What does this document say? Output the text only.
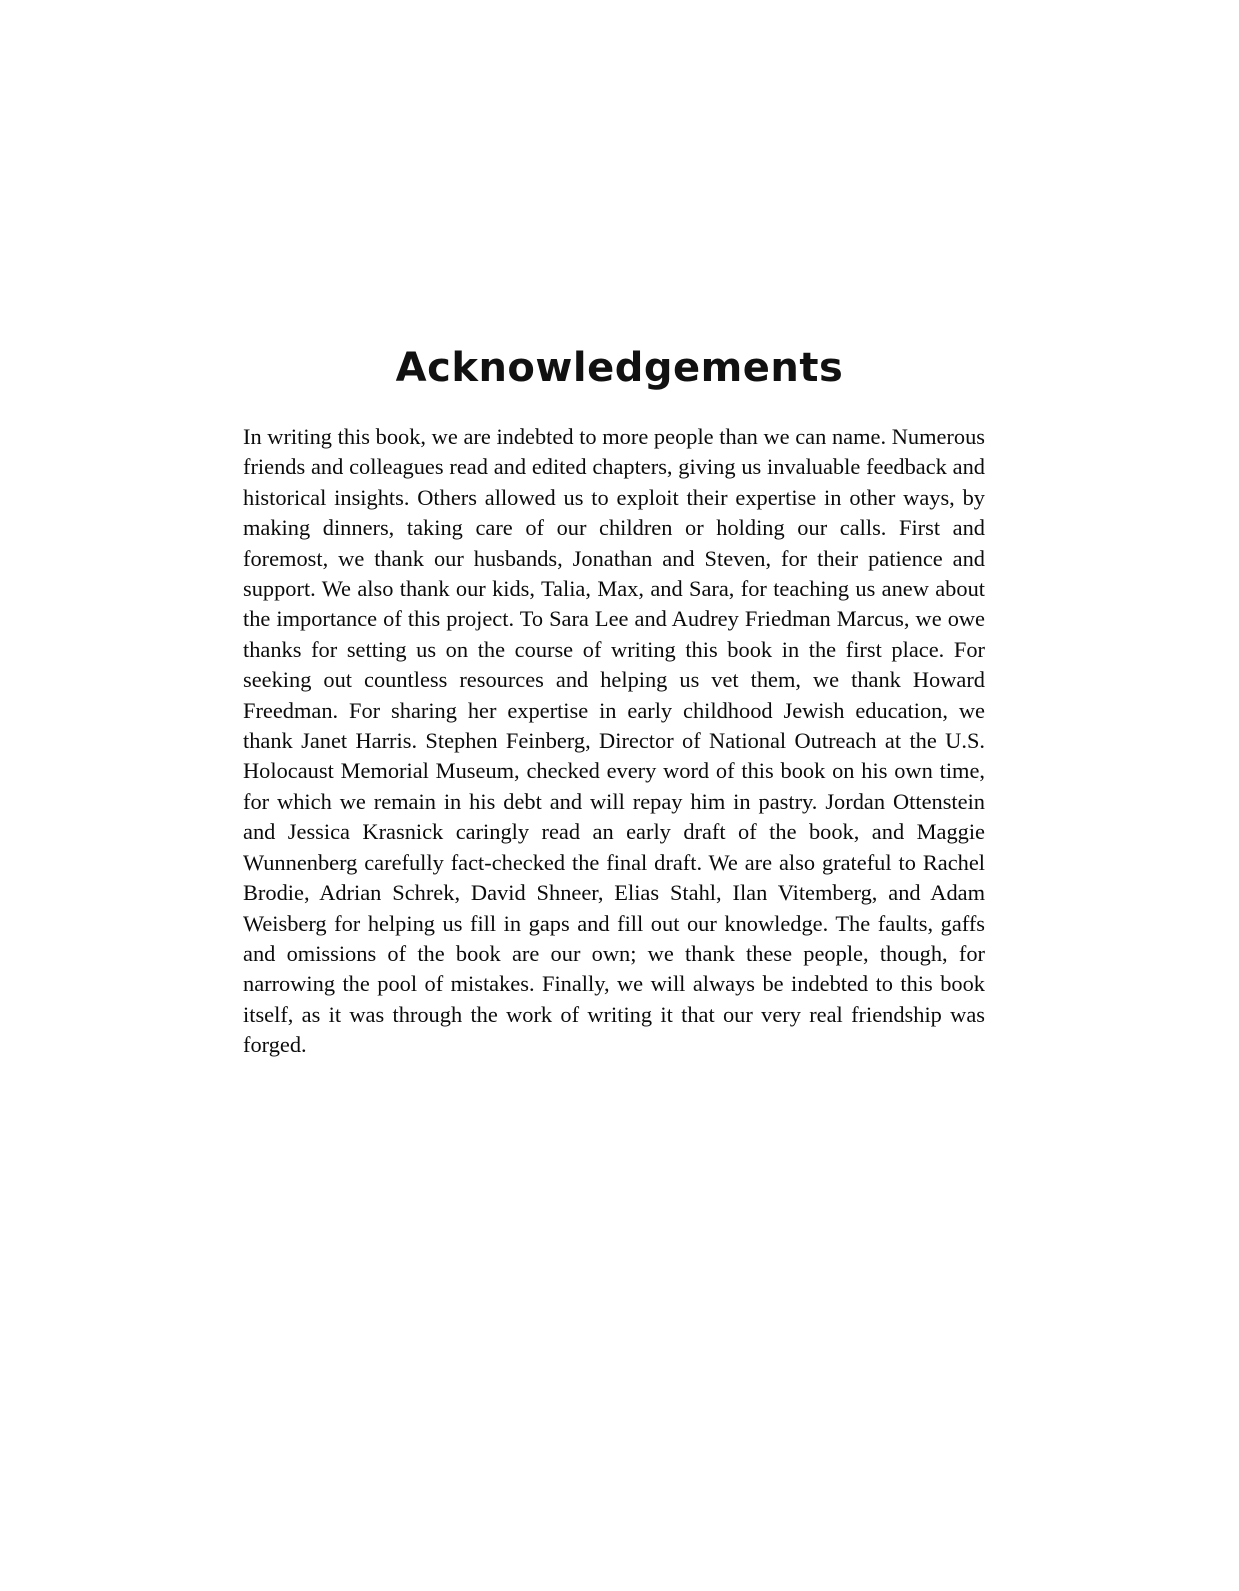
Acknowledgements

In writing this book, we are indebted to more people than we can name. Numerous friends and colleagues read and edited chapters, giving us invaluable feedback and historical insights. Others allowed us to exploit their expertise in other ways, by making dinners, taking care of our children or holding our calls. First and foremost, we thank our husbands, Jonathan and Steven, for their patience and support. We also thank our kids, Talia, Max, and Sara, for teaching us anew about the importance of this project. To Sara Lee and Audrey Friedman Marcus, we owe thanks for setting us on the course of writing this book in the first place. For seeking out countless resources and helping us vet them, we thank Howard Freedman. For sharing her expertise in early childhood Jewish education, we thank Janet Harris. Stephen Feinberg, Director of National Outreach at the U.S. Holocaust Memorial Museum, checked every word of this book on his own time, for which we remain in his debt and will repay him in pastry. Jordan Ottenstein and Jessica Krasnick caringly read an early draft of the book, and Maggie Wunnenberg carefully fact-checked the final draft. We are also grateful to Rachel Brodie, Adrian Schrek, David Shneer, Elias Stahl, Ilan Vitemberg, and Adam Weisberg for helping us fill in gaps and fill out our knowledge. The faults, gaffs and omissions of the book are our own; we thank these people, though, for narrowing the pool of mistakes. Finally, we will always be indebted to this book itself, as it was through the work of writing it that our very real friendship was forged.
